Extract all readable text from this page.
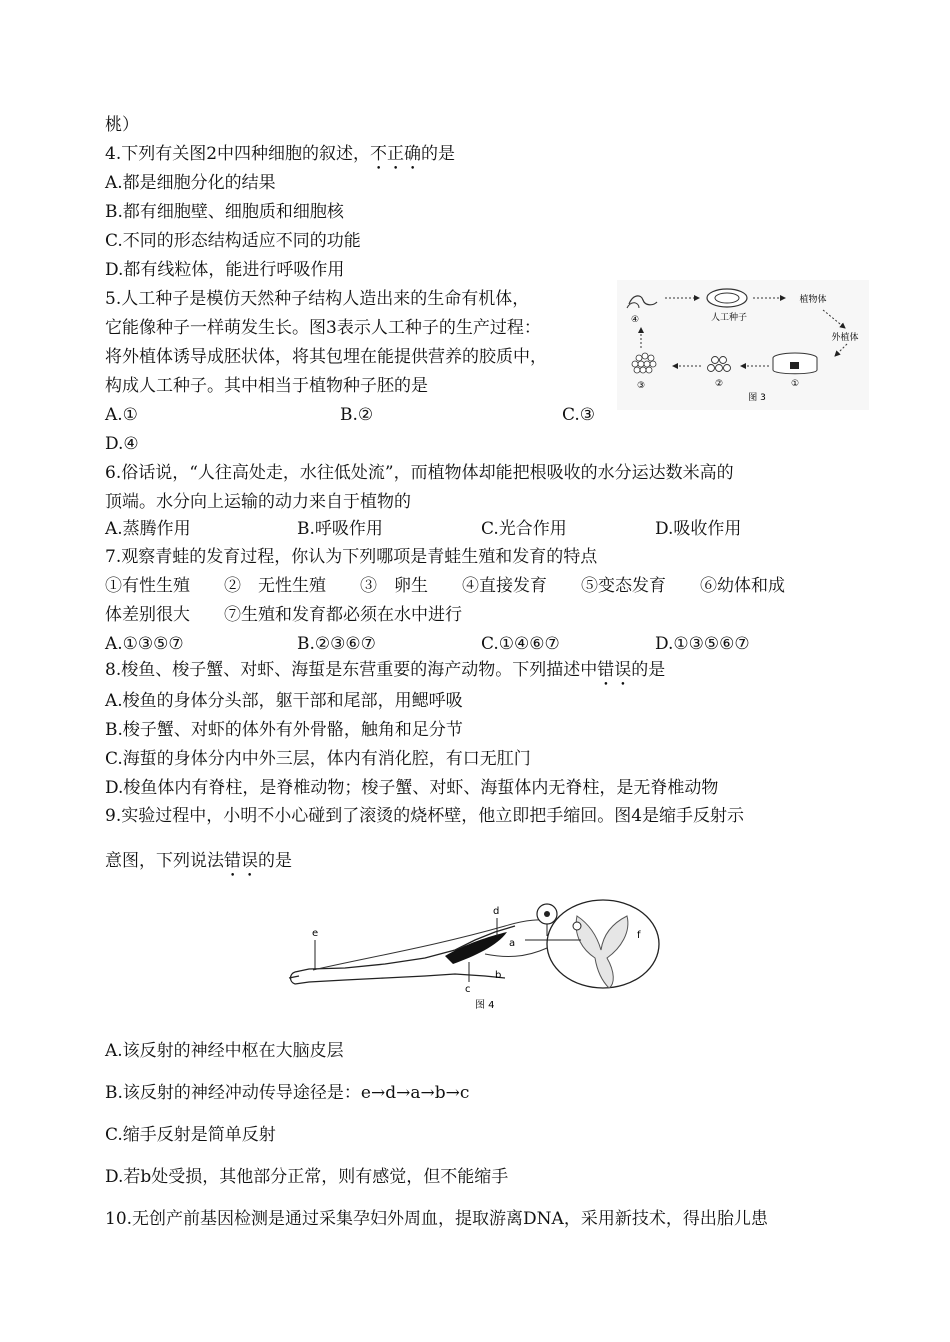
桃）
4.下列有关图2中四种细胞的叙述，不正确的是
A.都是细胞分化的结果
B.都有细胞壁、细胞质和细胞核
C.不同的形态结构适应不同的功能
D.都有线粒体，能进行呼吸作用
5.人工种子是模仿天然种子结构人造出来的生命有机体，
它能像种子一样萌发生长。图3表示人工种子的生产过程：
将外植体诱导成胚状体，将其包埋在能提供营养的胶质中，
构成人工种子。其中相当于植物种子胚的是
A.①	B.②	C.③
D.④
6.俗话说，“人往高处走，水往低处流”，而植物体却能把根吸收的水分运达数米高的
顶端。水分向上运输的动力来自于植物的
A.蒸腾作用	B.呼吸作用	C.光合作用	D.吸收作用
7.观察青蛙的发育过程，你认为下列哪项是青蛙生殖和发育的特点
①有性生殖　　②　无性生殖　　③　卵生　　④直接发育　　⑤变态发育　　⑥幼体和成
体差别很大　　⑦生殖和发育都必须在水中进行
A.①③⑤⑦	B.②③⑥⑦	C.①④⑥⑦	D.①③⑤⑥⑦
8.梭鱼、梭子蟹、对虾、海蜇是东营重要的海产动物。下列描述中错误的是
A.梭鱼的身体分头部，躯干部和尾部，用鳃呼吸
B.梭子蟹、对虾的体外有外骨骼，触角和足分节
C.海蜇的身体分内中外三层，体内有消化腔，有口无肛门
D.梭鱼体内有脊柱，是脊椎动物；梭子蟹、对虾、海蜇体内无脊柱，是无脊椎动物
9.实验过程中，小明不小心碰到了滚烫的烧杯壁，他立即把手缩回。图4是缩手反射示
意图，下列说法错误的是
A.该反射的神经中枢在大脑皮层
B.该反射的神经冲动传导途径是：e→d→a→b→c
C.缩手反射是简单反射
D.若b处受损，其他部分正常，则有感觉，但不能缩手
10.无创产前基因检测是通过采集孕妇外周血，提取游离DNA，采用新技术，得出胎儿患
④	人工种子
植物体
外植体
①
②
③
图 3
e
d
a
b
c
f
图 4
